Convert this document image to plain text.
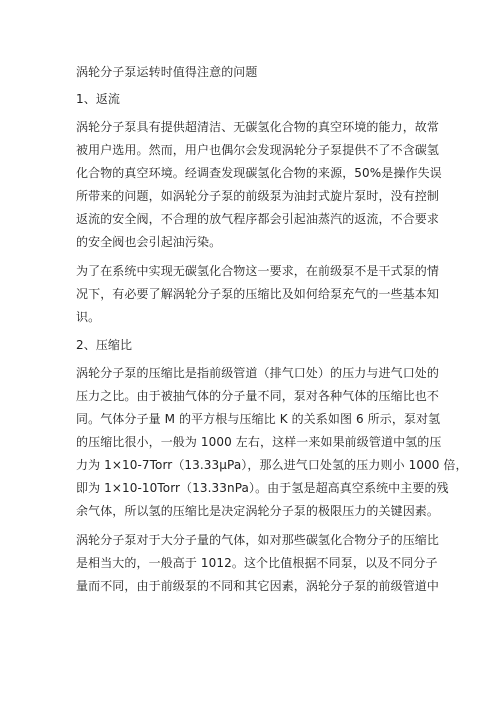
涡轮分子泵运转时值得注意的问题
1、返流
涡轮分子泵具有提供超清洁、无碳氢化合物的真空环境的能力，故常
被用户选用。然而，用户也偶尔会发现涡轮分子泵提供不了不含碳氢
化合物的真空环境。经调查发现碳氢化合物的来源，50%是操作失误
所带来的问题，如涡轮分子泵的前级泵为油封式旋片泵时，没有控制
返流的安全阀，不合理的放气程序都会引起油蒸汽的返流，不合要求
的安全阀也会引起油污染。
为了在系统中实现无碳氢化合物这一要求，在前级泵不是干式泵的情
况下，有必要了解涡轮分子泵的压缩比及如何给泵充气的一些基本知
识。
2、压缩比
涡轮分子泵的压缩比是指前级管道（排气口处）的压力与进气口处的
压力之比。由于被抽气体的分子量不同，泵对各种气体的压缩比也不
同。气体分子量 M 的平方根与压缩比 K 的关系如图 6 所示，泵对氢
的压缩比很小，一般为 1000 左右，这样一来如果前级管道中氢的压
力为 1×10-7Torr（13.33μPa），那么进气口处氢的压力则小 1000 倍，
即为 1×10-10Torr（13.33nPa）。由于氢是超高真空系统中主要的残
余气体，所以氢的压缩比是决定涡轮分子泵的极限压力的关键因素。
涡轮分子泵对于大分子量的气体，如对那些碳氢化合物分子的压缩比
是相当大的，一般高于 1012。这个比值根据不同泵，以及不同分子
量而不同，由于前级泵的不同和其它因素，涡轮分子泵的前级管道中
